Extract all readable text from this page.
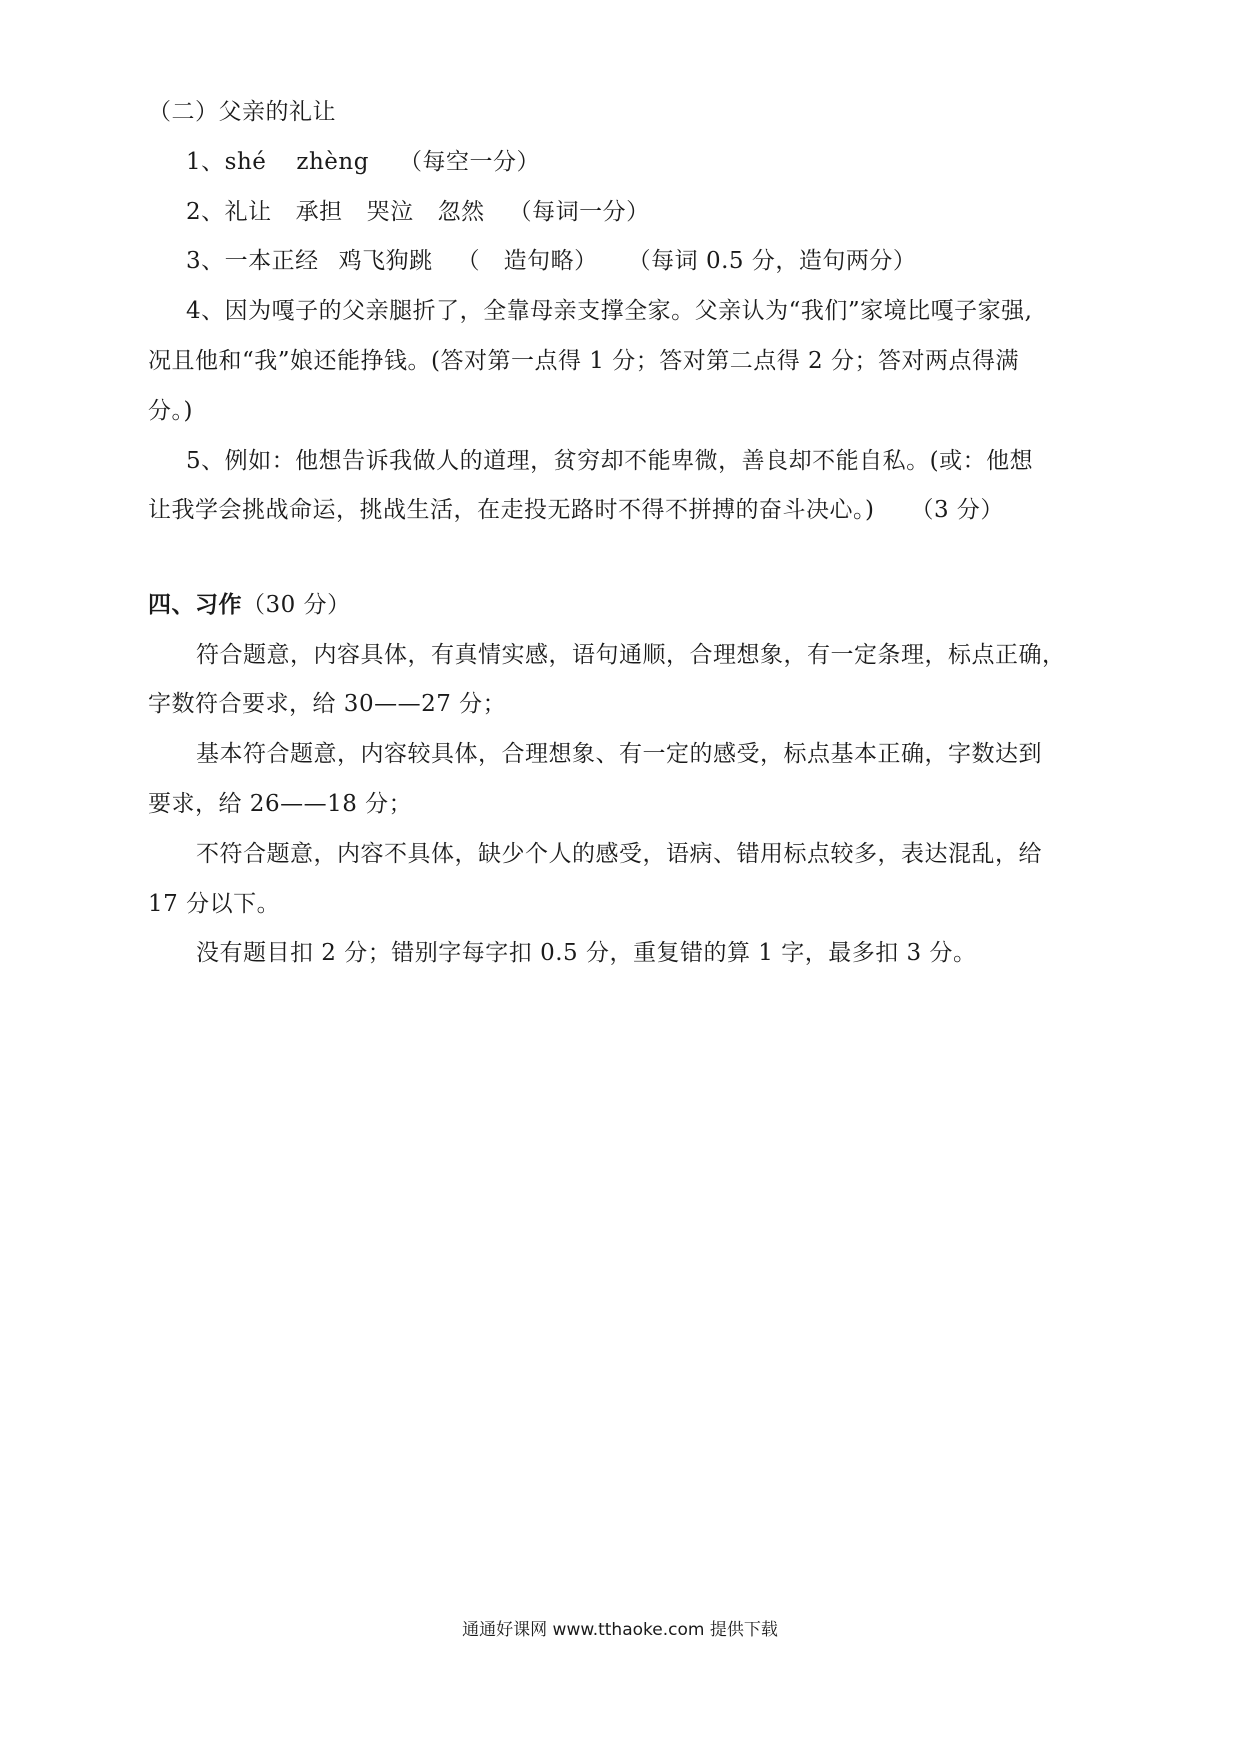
（二）父亲的礼让
1、shé zhèng （每空一分）
2、礼让 承担 哭泣 忽然 （每词一分）
3、一本正经 鸡飞狗跳 （　造句略） （每词 0.5 分，造句两分）
4、因为嘎子的父亲腿折了，全靠母亲支撑全家。父亲认为“我们”家境比嘎子家强,
况且他和“我”娘还能挣钱。(答对第一点得 1 分；答对第二点得 2 分；答对两点得满
分。)
5、例如：他想告诉我做人的道理，贫穷却不能卑微，善良却不能自私。(或：他想
让我学会挑战命运，挑战生活，在走投无路时不得不拼搏的奋斗决心。) （3 分）
四、习作（30 分）
符合题意，内容具体，有真情实感，语句通顺，合理想象，有一定条理，标点正确，
字数符合要求，给 30——27 分；
基本符合题意，内容较具体，合理想象、有一定的感受，标点基本正确，字数达到
要求，给 26——18 分；
不符合题意，内容不具体，缺少个人的感受，语病、错用标点较多，表达混乱，给
17 分以下。
没有题目扣 2 分；错别字每字扣 0.5 分，重复错的算 1 字，最多扣 3 分。
通通好课网 www.tthaoke.com 提供下载
